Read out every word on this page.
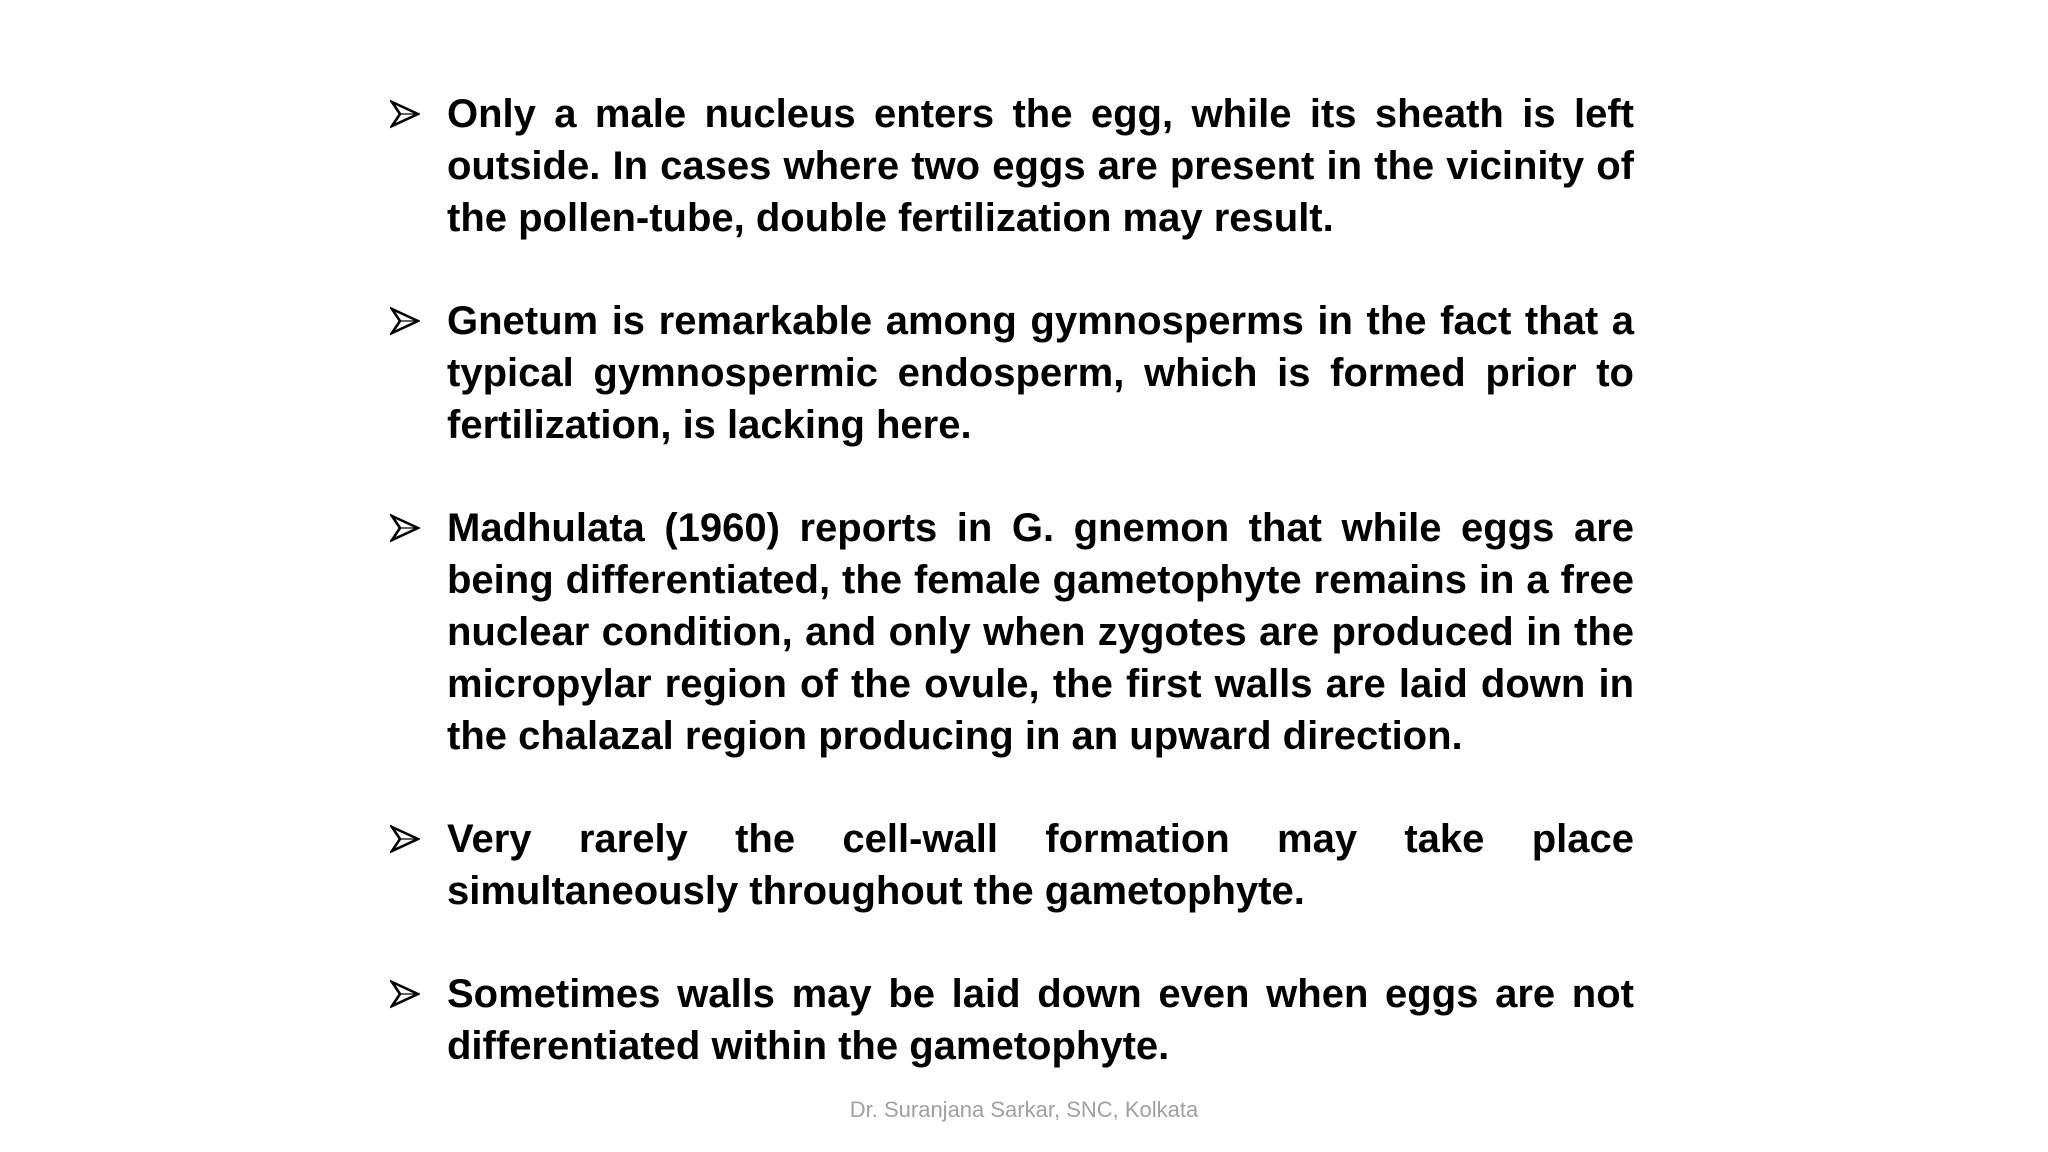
Only a male nucleus enters the egg, while its sheath is left outside. In cases where two eggs are present in the vicinity of the pollen-tube, double fertilization may result.
Gnetum is remarkable among gymnosperms in the fact that a typical gymnospermic endosperm, which is formed prior to fertilization, is lacking here.
Madhulata (1960) reports in G. gnemon that while eggs are being differentiated, the female gametophyte remains in a free nuclear condition, and only when zygotes are produced in the micropylar region of the ovule, the first walls are laid down in the chalazal region producing in an upward direction.
Very rarely the cell-wall formation may take place simultaneously throughout the gametophyte.
Sometimes walls may be laid down even when eggs are not differentiated within the gametophyte.
Dr. Suranjana Sarkar, SNC, Kolkata
